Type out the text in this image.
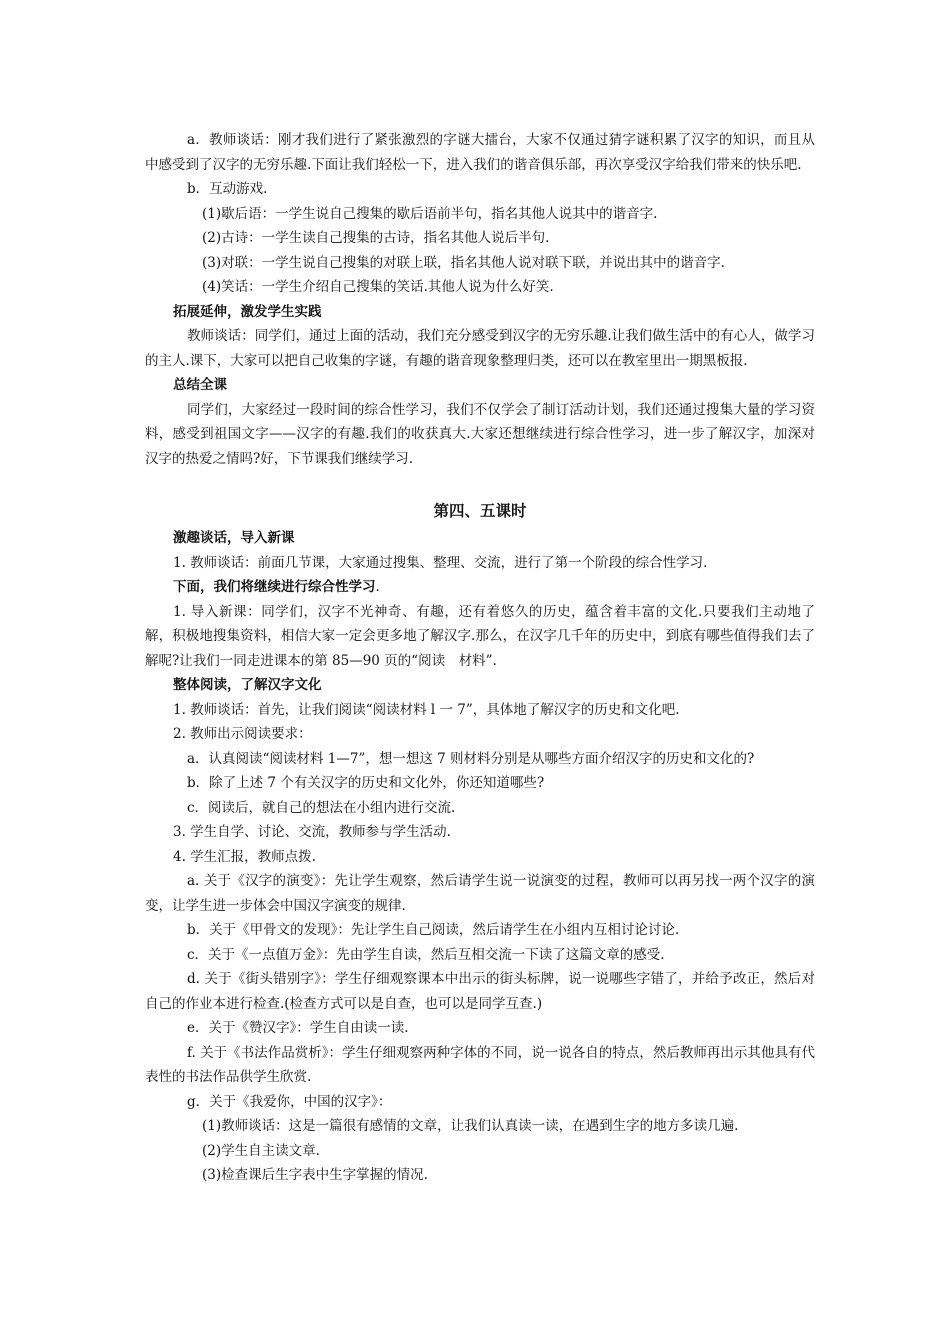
a．教师谈话：刚才我们进行了紧张激烈的字谜大擂台，大家不仅通过猜字谜积累了汉字的知识，而且从中感受到了汉字的无穷乐趣.下面让我们轻松一下，进入我们的谐音俱乐部，再次享受汉字给我们带来的快乐吧.

b．互动游戏.

(1)歇后语：一学生说自己搜集的歇后语前半句，指名其他人说其中的谐音字.

(2)古诗：一学生读自己搜集的古诗，指名其他人说后半句.

(3)对联：一学生说自己搜集的对联上联，指名其他人说对联下联，并说出其中的谐音字.

(4)笑话：一学生介绍自己搜集的笑话.其他人说为什么好笑.

拓展延伸，激发学生实践

教师谈话：同学们，通过上面的活动，我们充分感受到汉字的无穷乐趣.让我们做生活中的有心人，做学习的主人.课下，大家可以把自己收集的字谜，有趣的谐音现象整理归类，还可以在教室里出一期黑板报.

总结全课

同学们，大家经过一段时间的综合性学习，我们不仅学会了制订活动计划，我们还通过搜集大量的学习资料，感受到祖国文字——汉字的有趣.我们的收获真大.大家还想继续进行综合性学习，进一步了解汉字，加深对汉字的热爱之情吗?好，下节课我们继续学习.

第四、五课时

激趣谈话，导入新课

1. 教师谈话：前面几节课，大家通过搜集、整理、交流，进行了第一个阶段的综合性学习.

下面，我们将继续进行综合性学习.

1. 导入新课：同学们，汉字不光神奇、有趣，还有着悠久的历史，蕴含着丰富的文化.只要我们主动地了解，积极地搜集资料，相信大家一定会更多地了解汉字.那么，在汉字几千年的历史中，到底有哪些值得我们去了解呢?让我们一同走进课本的第 85—90 页的“阅读　材料”.

整体阅读，了解汉字文化

1. 教师谈话：首先，让我们阅读“阅读材料 l 一 7”，具体地了解汉字的历史和文化吧.

2. 教师出示阅读要求：

a．认真阅读“阅读材料 1—7”，想一想这 7 则材料分别是从哪些方面介绍汉字的历史和文化的?

b．除了上述 7 个有关汉字的历史和文化外，你还知道哪些?

c．阅读后，就自己的想法在小组内进行交流.

3. 学生自学、讨论、交流，教师参与学生活动.

4. 学生汇报，教师点拨.

a. 关于《汉字的演变》：先让学生观察，然后请学生说一说演变的过程，教师可以再另找一两个汉字的演变，让学生进一步体会中国汉字演变的规律.

b．关于《甲骨文的发现》：先让学生自己阅读，然后请学生在小组内互相讨论讨论.

c．关于《一点值万金》：先由学生自读，然后互相交流一下读了这篇文章的感受.

d. 关于《街头错别字》：学生仔细观察课本中出示的街头标牌，说一说哪些字错了，并给予改正，然后对自己的作业本进行检查.(检查方式可以是自查，也可以是同学互查.)

e．关于《赞汉字》：学生自由读一读.

f. 关于《书法作品赏析》：学生仔细观察两种字体的不同，说一说各自的特点，然后教师再出示其他具有代表性的书法作品供学生欣赏.

g．关于《我爱你，中国的汉字》：

(1)教师谈话：这是一篇很有感情的文章，让我们认真读一读，在遇到生字的地方多读几遍.

(2)学生自主读文章.

(3)检查课后生字表中生字掌握的情况.
